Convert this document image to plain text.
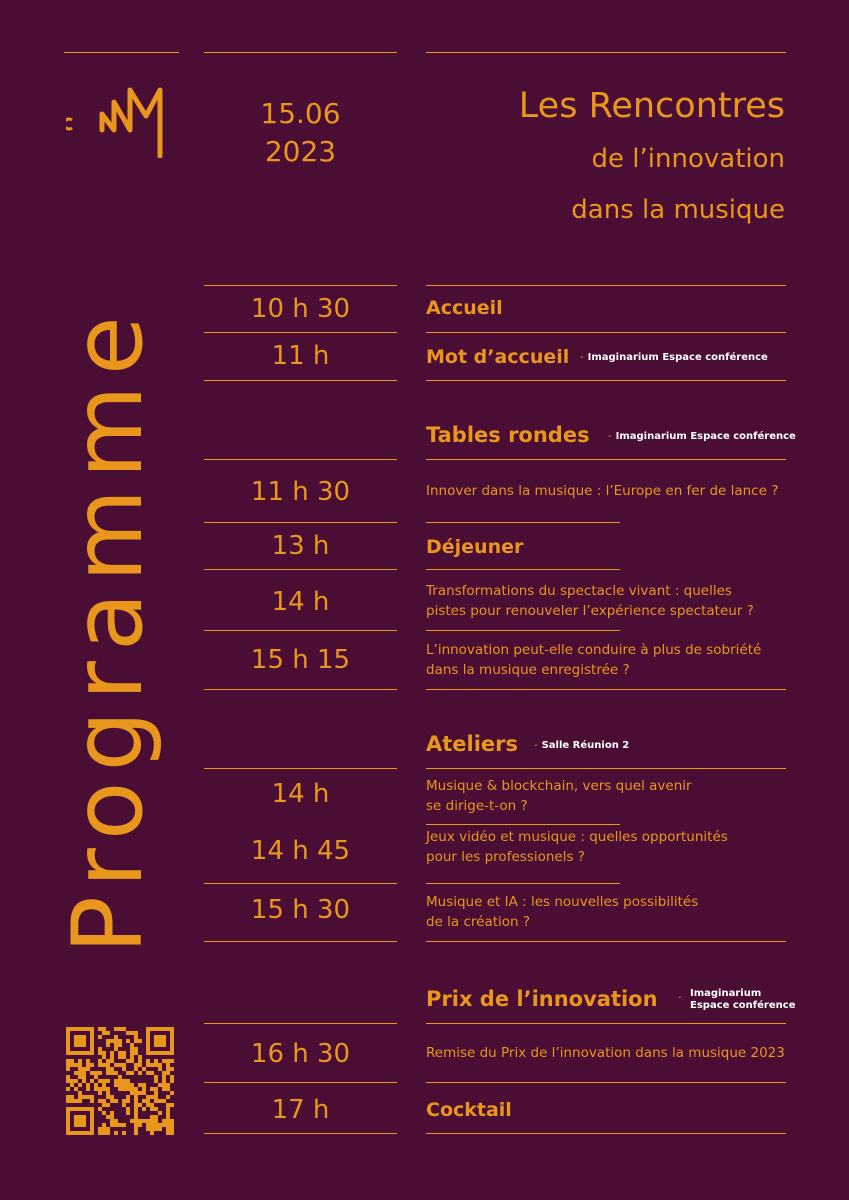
15.06
2023
Les Rencontres
de l’innovation
dans la musique
Programme	10 h 30
11 h
11 h 30
13 h
14 h
15 h 15
14 h
14 h 45
15 h 30
16 h 30
17 h
Accueil
Mot d’accueil - Imaginarium Espace conférence
Tables rondes - Imaginarium Espace conférence
Innover dans la musique : l’Europe en fer de lance ?
Déjeuner
Transformations du spectacle vivant : quelles
pistes pour renouveler l’expérience spectateur ?
L’innovation peut-elle conduire à plus de sobriété
dans la musique enregistrée ?
Ateliers - Salle Réunion 2
Musique & blockchain, vers quel avenir
se dirige-t-on ?
Jeux vidéo et musique : quelles opportunités
pour les professionels ?
Musique et IA : les nouvelles possibilités
de la création ?
Prix de l’innovation - Imaginarium
Espace conférence
Remise du Prix de l’innovation dans la musique 2023
Cocktail
